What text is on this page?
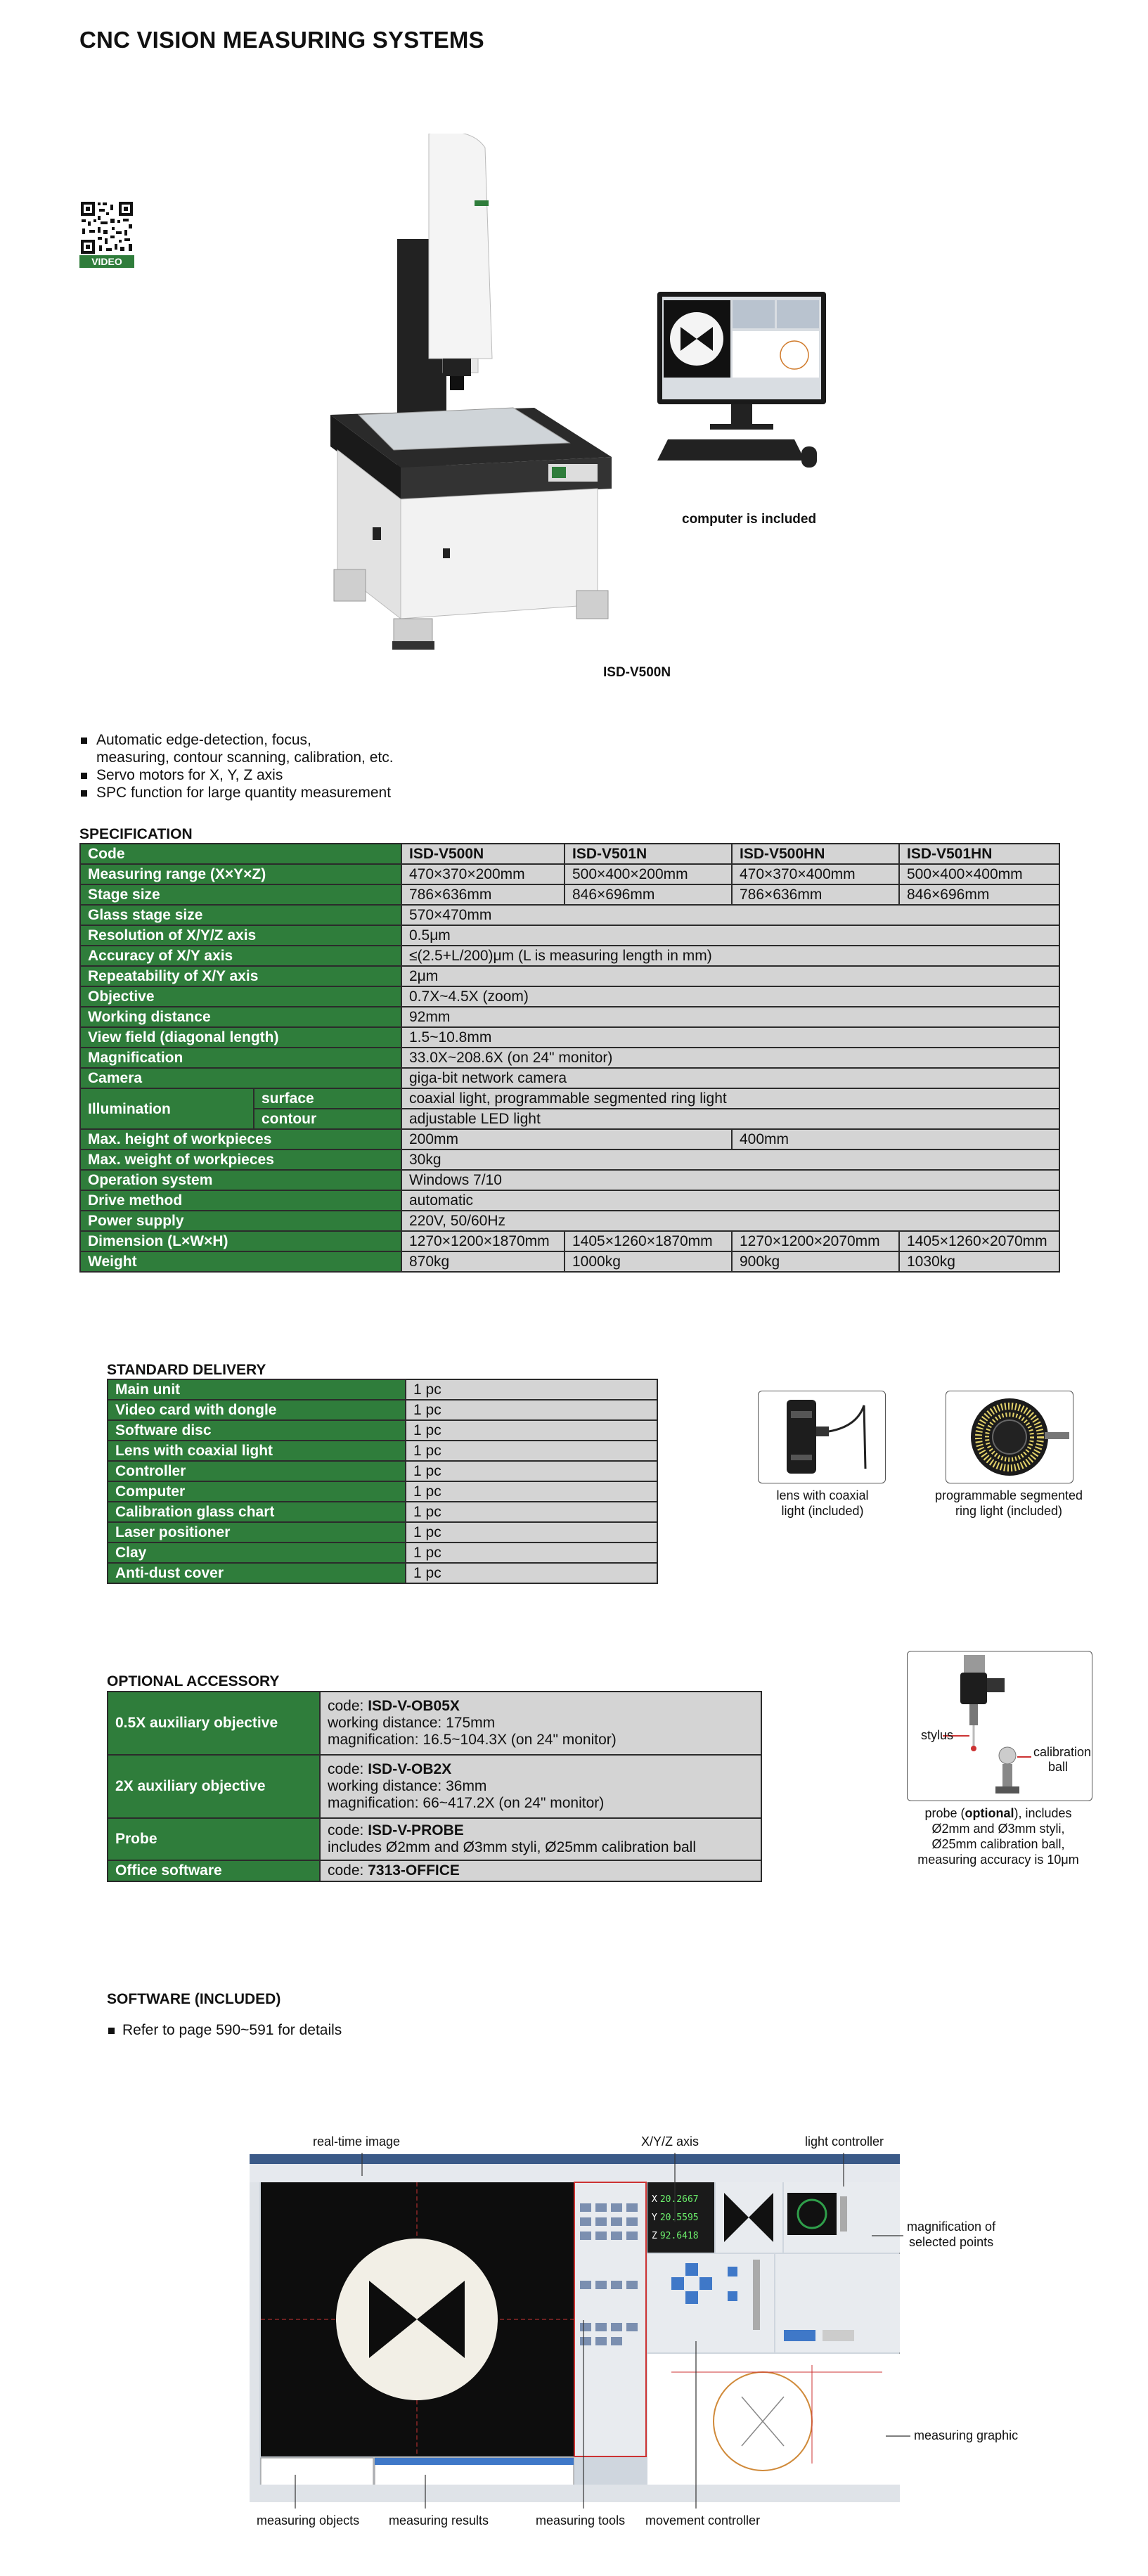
CNC VISION MEASURING SYSTEMS
VIDEO
computer is included
ISD-V500N
Automatic edge-detection, focus,
measuring, contour scanning, calibration, etc.
Servo motors for X, Y, Z axis
SPC function for large quantity measurement
SPECIFICATION
Code		ISD-V500N	ISD-V501N	ISD-V500HN	ISD-V501HN
Measuring range (X×Y×Z)		470×370×200mm	500×400×200mm	470×370×400mm	500×400×400mm
Stage size		786×636mm	846×696mm	786×636mm	846×696mm
Glass stage size		570×470mm			
Resolution of X/Y/Z axis		0.5μm			
Accuracy of X/Y axis		≤(2.5+L/200)μm (L is measuring length in mm)			
Repeatability of X/Y axis		2μm			
Objective		0.7X~4.5X (zoom)			
Working distance		92mm			
View field (diagonal length)		1.5~10.8mm			
Magnification		33.0X~208.6X (on 24" monitor)			
Camera		giga-bit network camera			
Illumination	surface	coaxial light, programmable segmented ring light			
	contour	adjustable LED light			
Max. height of workpieces		200mm		400mm	
Max. weight of workpieces		30kg			
Operation system		Windows 7/10			
Drive method		automatic			
Power supply		220V, 50/60Hz			
Dimension (L×W×H)		1270×1200×1870mm	1405×1260×1870mm	1270×1200×2070mm	1405×1260×2070mm
Weight		870kg	1000kg	900kg	1030kg
STANDARD DELIVERY
Main unit	1 pc
Video card with dongle	1 pc
Software disc	1 pc
Lens with coaxial light	1 pc
Controller	1 pc
Computer	1 pc
Calibration glass chart	1 pc
Laser positioner	1 pc
Clay	1 pc
Anti-dust cover	1 pc
lens with coaxial
light (included)
programmable segmented
ring light (included)
OPTIONAL ACCESSORY
0.5X auxiliary objective	code: ISD-V-OB05X
working distance: 175mm
magnification: 16.5~104.3X (on 24" monitor)

2X auxiliary objective	code: ISD-V-OB2X
working distance: 36mm
magnification: 66~417.2X (on 24" monitor)

Probe	code: ISD-V-PROBE
includes Ø2mm and Ø3mm styli, Ø25mm calibration ball

Office software	code: 7313-OFFICE
stylus
calibration ball
probe (optional), includes
Ø2mm and Ø3mm styli,
Ø25mm calibration ball,
measuring accuracy is 10μm
SOFTWARE (INCLUDED)
Refer to page 590~591 for details
real-time image	X/Y/Z axis	light controller
magnification of
selected points
measuring graphic
measuring objects measuring results	measuring tools movement controller
X 20.2667
Y 20.5595
Z 92.6418
